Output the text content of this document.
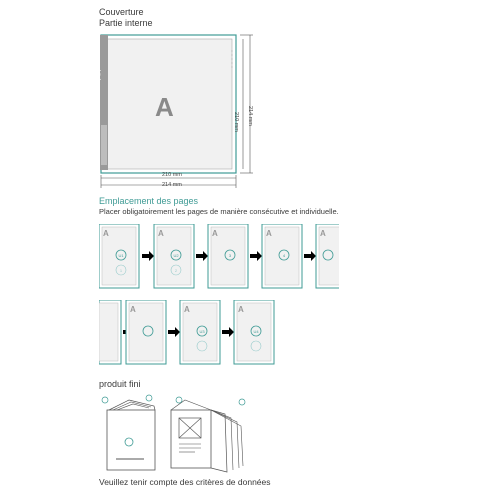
Couverture
Partie interne
A
[M_T]
Colle
210 mm
214 mm
210 mm 214 mm
Emplacement des pages
Placer obligatoirement les pages de manière consécutive et individuelle.
A
U1
1
A
U2
2
A
3
A
4
A
A	A
U3
A
U4
produit fini
Veuillez tenir compte des critères de données
